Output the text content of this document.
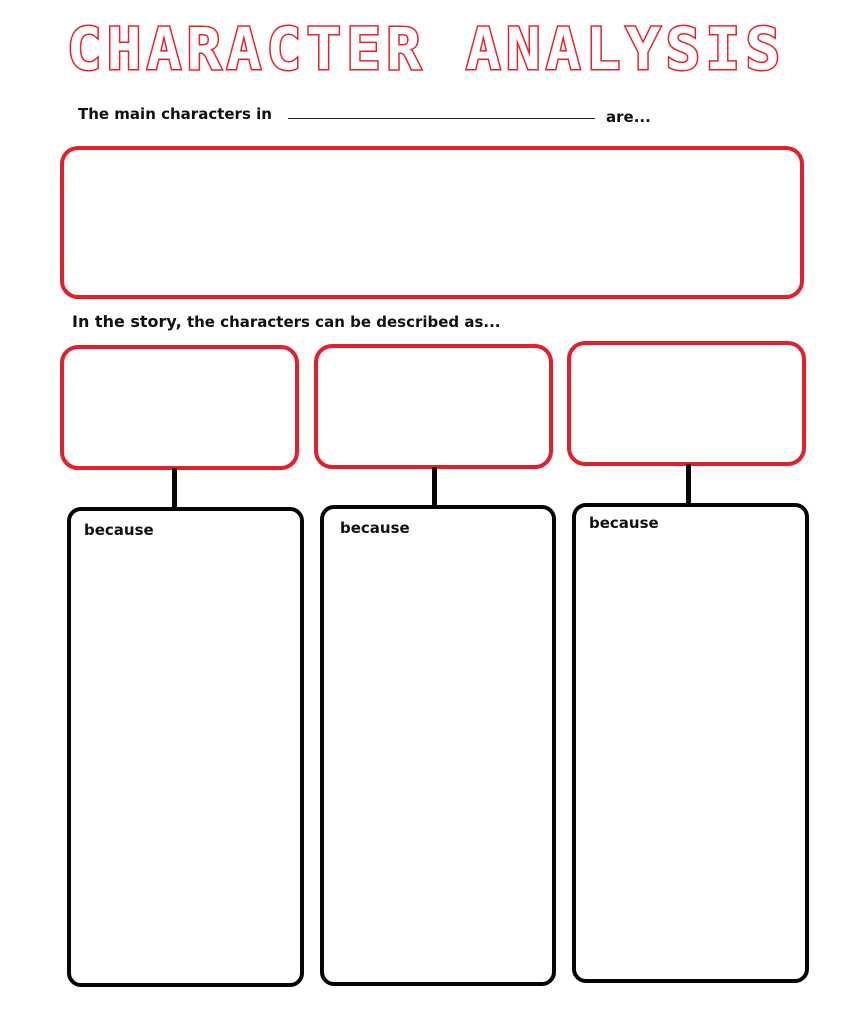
CHARACTER ANALYSIS
The main characters in	are...
In the story, the characters can be described as...
because	because	because
